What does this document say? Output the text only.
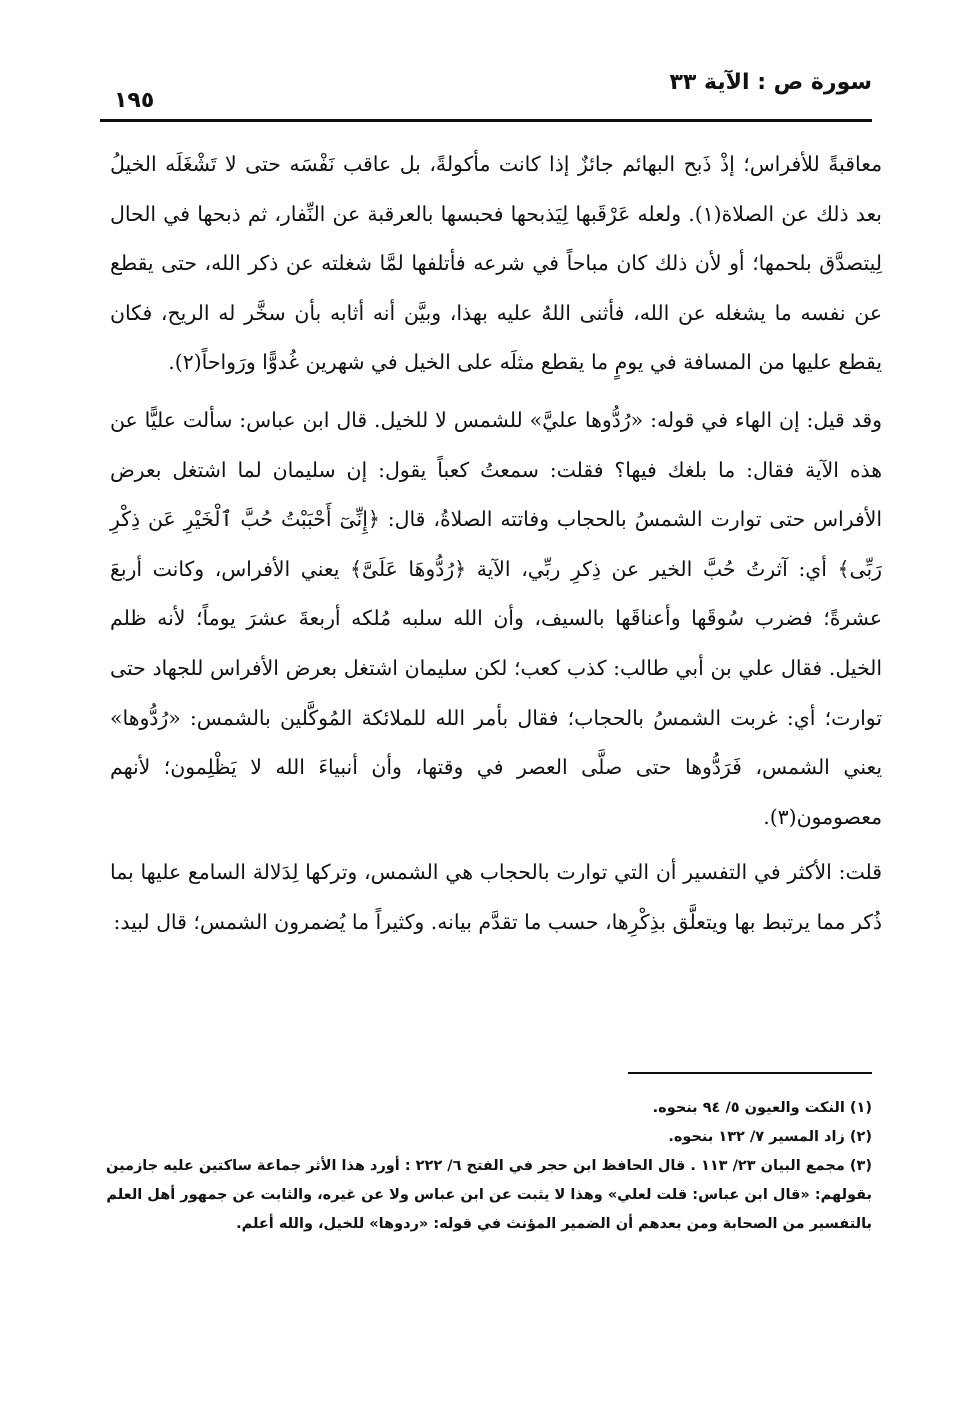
سورة ص : الآية ٣٣
١٩٥

معاقبةً للأفراس؛ إذْ ذَبح البهائم جائزٌ إذا كانت مأكولةً، بل عاقب نَفْسَه حتى لا تَشْغَلَه الخيلُ بعد ذلك عن الصلاة(١). ولعله عَرْقَبها لِيَذبحها فحبسها بالعرقبة عن النِّفار، ثم ذبحها في الحال لِيتصدَّق بلحمها؛ أو لأن ذلك كان مباحاً في شرعه فأتلفها لمَّا شغلته عن ذكر الله، حتى يقطع عن نفسه ما يشغله عن الله، فأثنى اللهُ عليه بهذا، وبيَّن أنه أثابه بأن سخَّر له الريح، فكان يقطع عليها من المسافة في يومٍ ما يقطع مثلَه على الخيل في شهرين غُدوًّا ورَواحاً(٢).

وقد قيل: إن الهاء في قوله: «رُدُّوها عليَّ» للشمس لا للخيل. قال ابن عباس: سألت عليًّا عن هذه الآية فقال: ما بلغك فيها؟ فقلت: سمعتُ كعباً يقول: إن سليمان لما اشتغل بعرض الأفراس حتى توارت الشمسُ بالحجاب وفاتته الصلاةُ، قال: ﴿إِنِّىٓ أَحْبَبْتُ حُبَّ ٱلْخَيْرِ عَن ذِكْرِ رَبِّى﴾ أي: آثرتُ حُبَّ الخير عن ذِكرِ ربِّي، الآية ﴿رُدُّوهَا عَلَىَّ﴾ يعني الأفراس، وكانت أربعَ عشرةً؛ فضرب سُوقَها وأعناقَها بالسيف، وأن الله سلبه مُلكه أربعةَ عشرَ يوماً؛ لأنه ظلم الخيل. فقال علي بن أبي طالب: كذب كعب؛ لكن سليمان اشتغل بعرض الأفراس للجهاد حتى توارت؛ أي: غربت الشمسُ بالحجاب؛ فقال بأمر الله للملائكة المُوكَّلين بالشمس: «رُدُّوها» يعني الشمس، فَرَدُّوها حتى صلَّى العصر في وقتها، وأن أنبياءَ الله لا يَظْلِمون؛ لأنهم معصومون(٣).

قلت: الأكثر في التفسير أن التي توارت بالحجاب هي الشمس، وتركها لِدَلالة السامع عليها بما ذُكر مما يرتبط بها ويتعلَّق بذِكْرِها، حسب ما تقدَّم بيانه. وكثيراً ما يُضمرون الشمس؛ قال لبيد:

(١) النكت والعيون ٥/ ٩٤ بنحوه.

(٢) زاد المسير ٧/ ١٣٢ بنحوه.

(٣) مجمع البيان ٢٣/ ١١٣ . قال الحافظ ابن حجر في الفتح ٦/ ٢٢٢ : أورد هذا الأثر جماعة ساكتين عليه جازمين بقولهم: «قال ابن عباس: قلت لعلي» وهذا لا يثبت عن ابن عباس ولا عن غيره، والثابت عن جمهور أهل العلم بالتفسير من الصحابة ومن بعدهم أن الضمير المؤنث في قوله: «ردوها» للخيل، والله أعلم.
